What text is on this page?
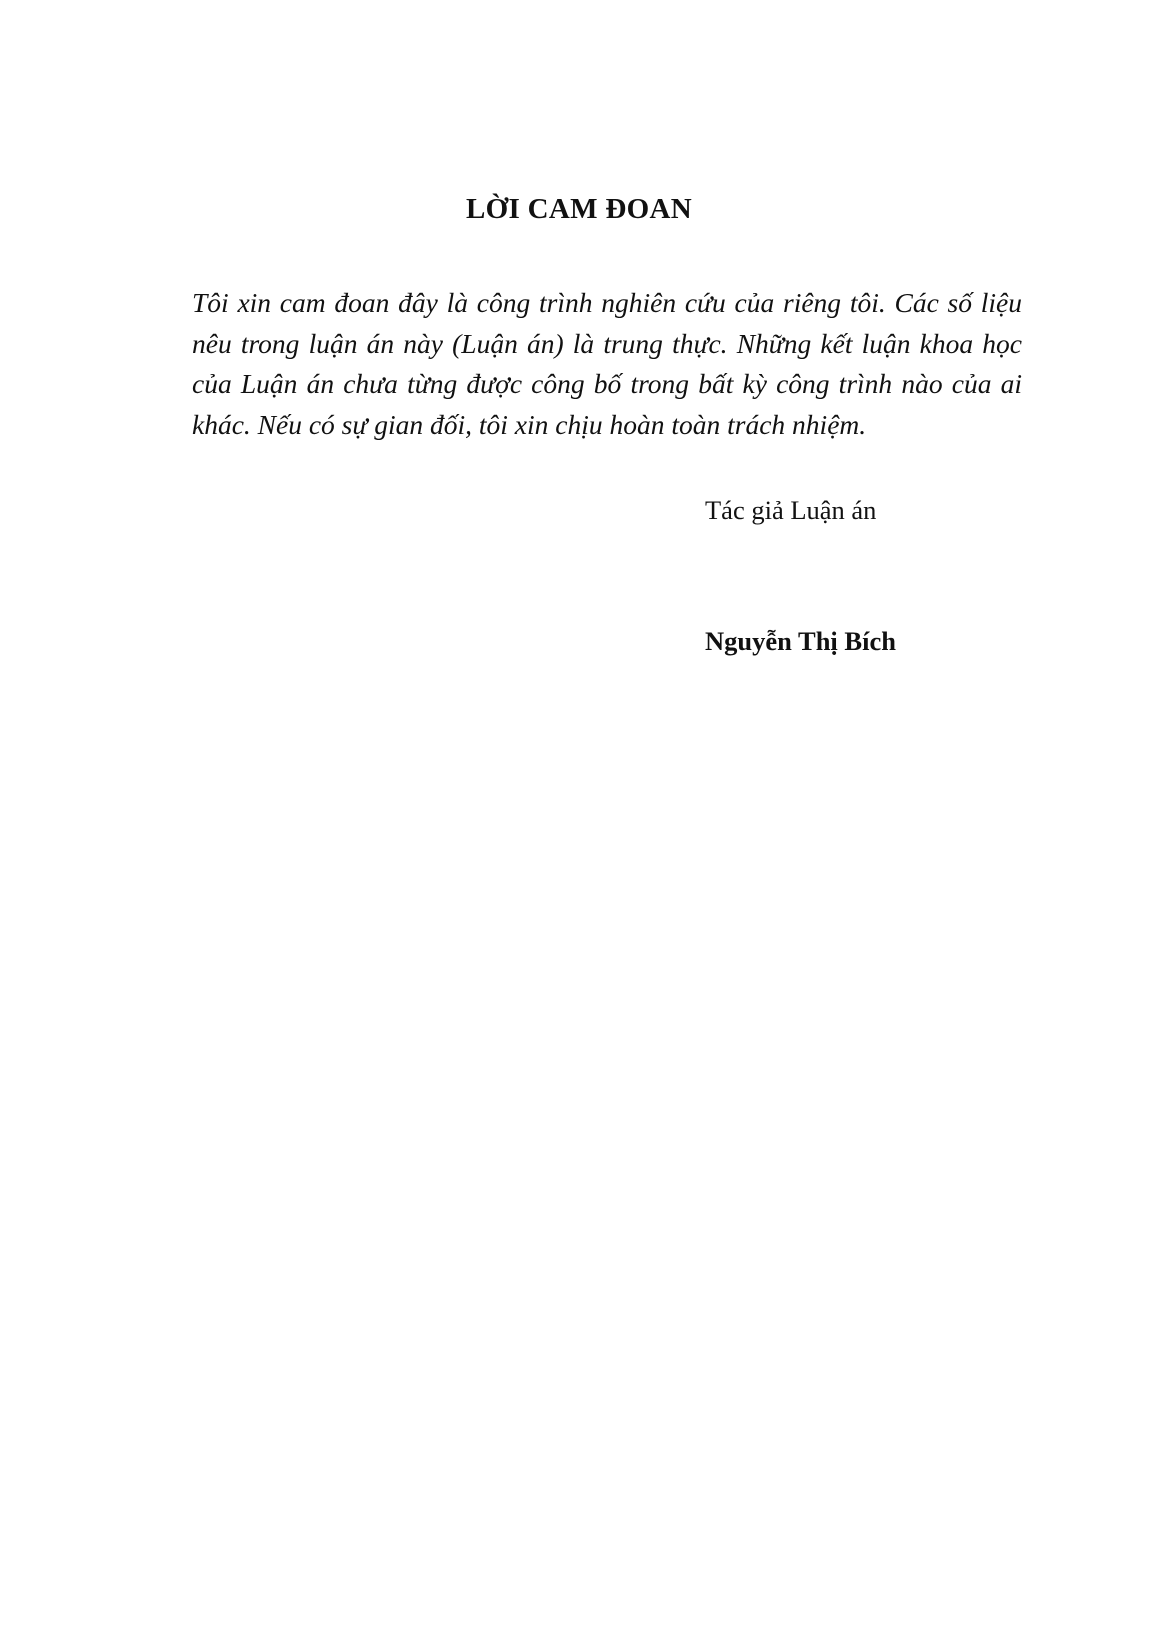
LỜI CAM ĐOAN

Tôi xin cam đoan đây là công trình nghiên cứu của riêng tôi. Các số liệu nêu trong luận án này (Luận án) là trung thực. Những kết luận khoa học của Luận án chưa từng được công bố trong bất kỳ công trình nào của ai khác. Nếu có sự gian đối, tôi xin chịu hoàn toàn trách nhiệm.

Tác giả Luận án

Nguyễn Thị Bích
